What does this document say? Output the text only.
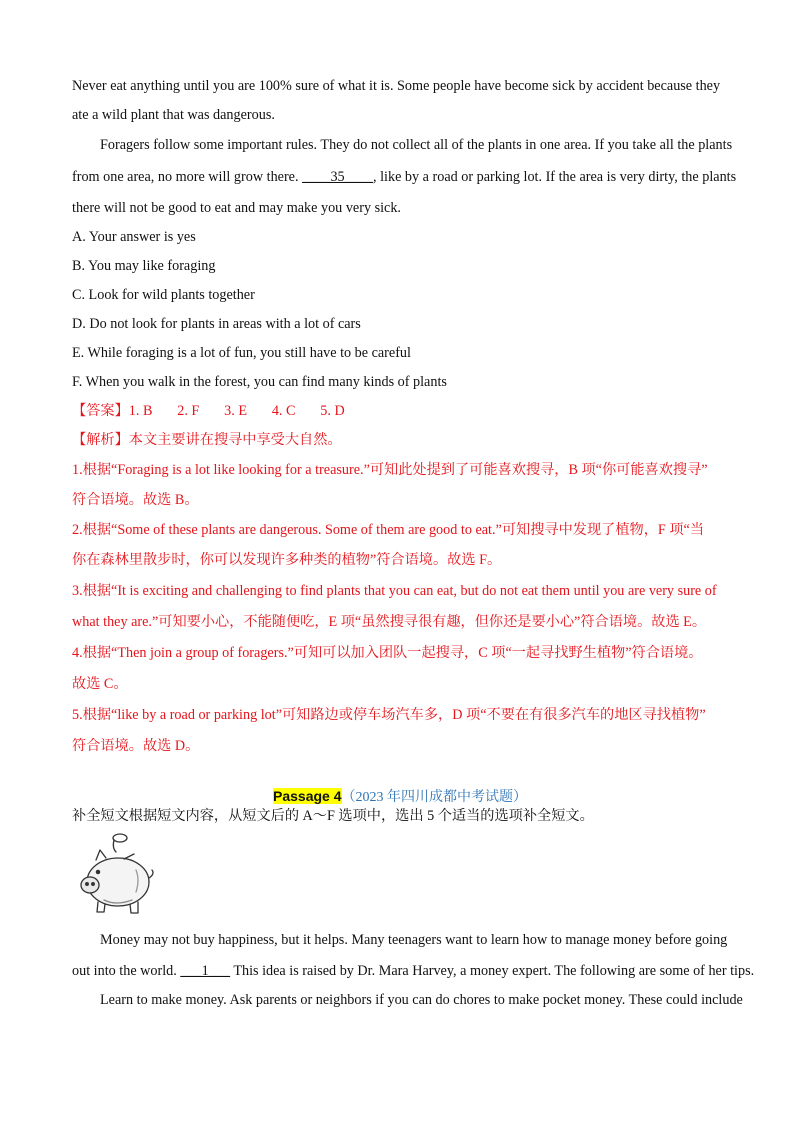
Never eat anything until you are 100% sure of what it is. Some people have become sick by accident because they
ate a wild plant that was dangerous.
Foragers follow some important rules. They do not collect all of the plants in one area. If you take all the plants
from one area, no more will grow there. ____35____, like by a road or parking lot. If the area is very dirty, the plants
there will not be good to eat and may make you very sick.
A. Your answer is yes
B. You may like foraging
C. Look for wild plants together
D. Do not look for plants in areas with a lot of cars
E. While foraging is a lot of fun, you still have to be careful
F. When you walk in the forest, you can find many kinds of plants
【答案】1. B       2. F       3. E       4. C       5. D
【解析】本文主要讲在搜寻中享受大自然。
1.根据“Foraging is a lot like looking for a treasure.”可知此处提到了可能喜欢搜寻，B 项“你可能喜欢搜寻”
符合语境。故选 B。
2.根据“Some of these plants are dangerous. Some of them are good to eat.”可知搜寻中发现了植物，F 项“当
你在森林里散步时，你可以发现许多种类的植物”符合语境。故选 F。
3.根据“It is exciting and challenging to find plants that you can eat, but do not eat them until you are very sure of
what they are.”可知要小心，不能随便吃，E 项“虽然搜寻很有趣，但你还是要小心”符合语境。故选 E。
4.根据“Then join a group of foragers.”可知可以加入团队一起搜寻，C 项“一起寻找野生植物”符合语境。
故选 C。
5.根据“like by a road or parking lot”可知路边或停车场汽车多，D 项“不要在有很多汽车的地区寻找植物”
符合语境。故选 D。
Passage 4（2023 年四川成都中考试题）
补全短文根据短文内容，从短文后的 A～F 选项中，选出 5 个适当的选项补全短文。
Money may not buy happiness, but it helps. Many teenagers want to learn how to manage money before going
out into the world. ___1___ This idea is raised by Dr. Mara Harvey, a money expert. The following are some of her tips.
Learn to make money. Ask parents or neighbors if you can do chores to make pocket money. These could include
